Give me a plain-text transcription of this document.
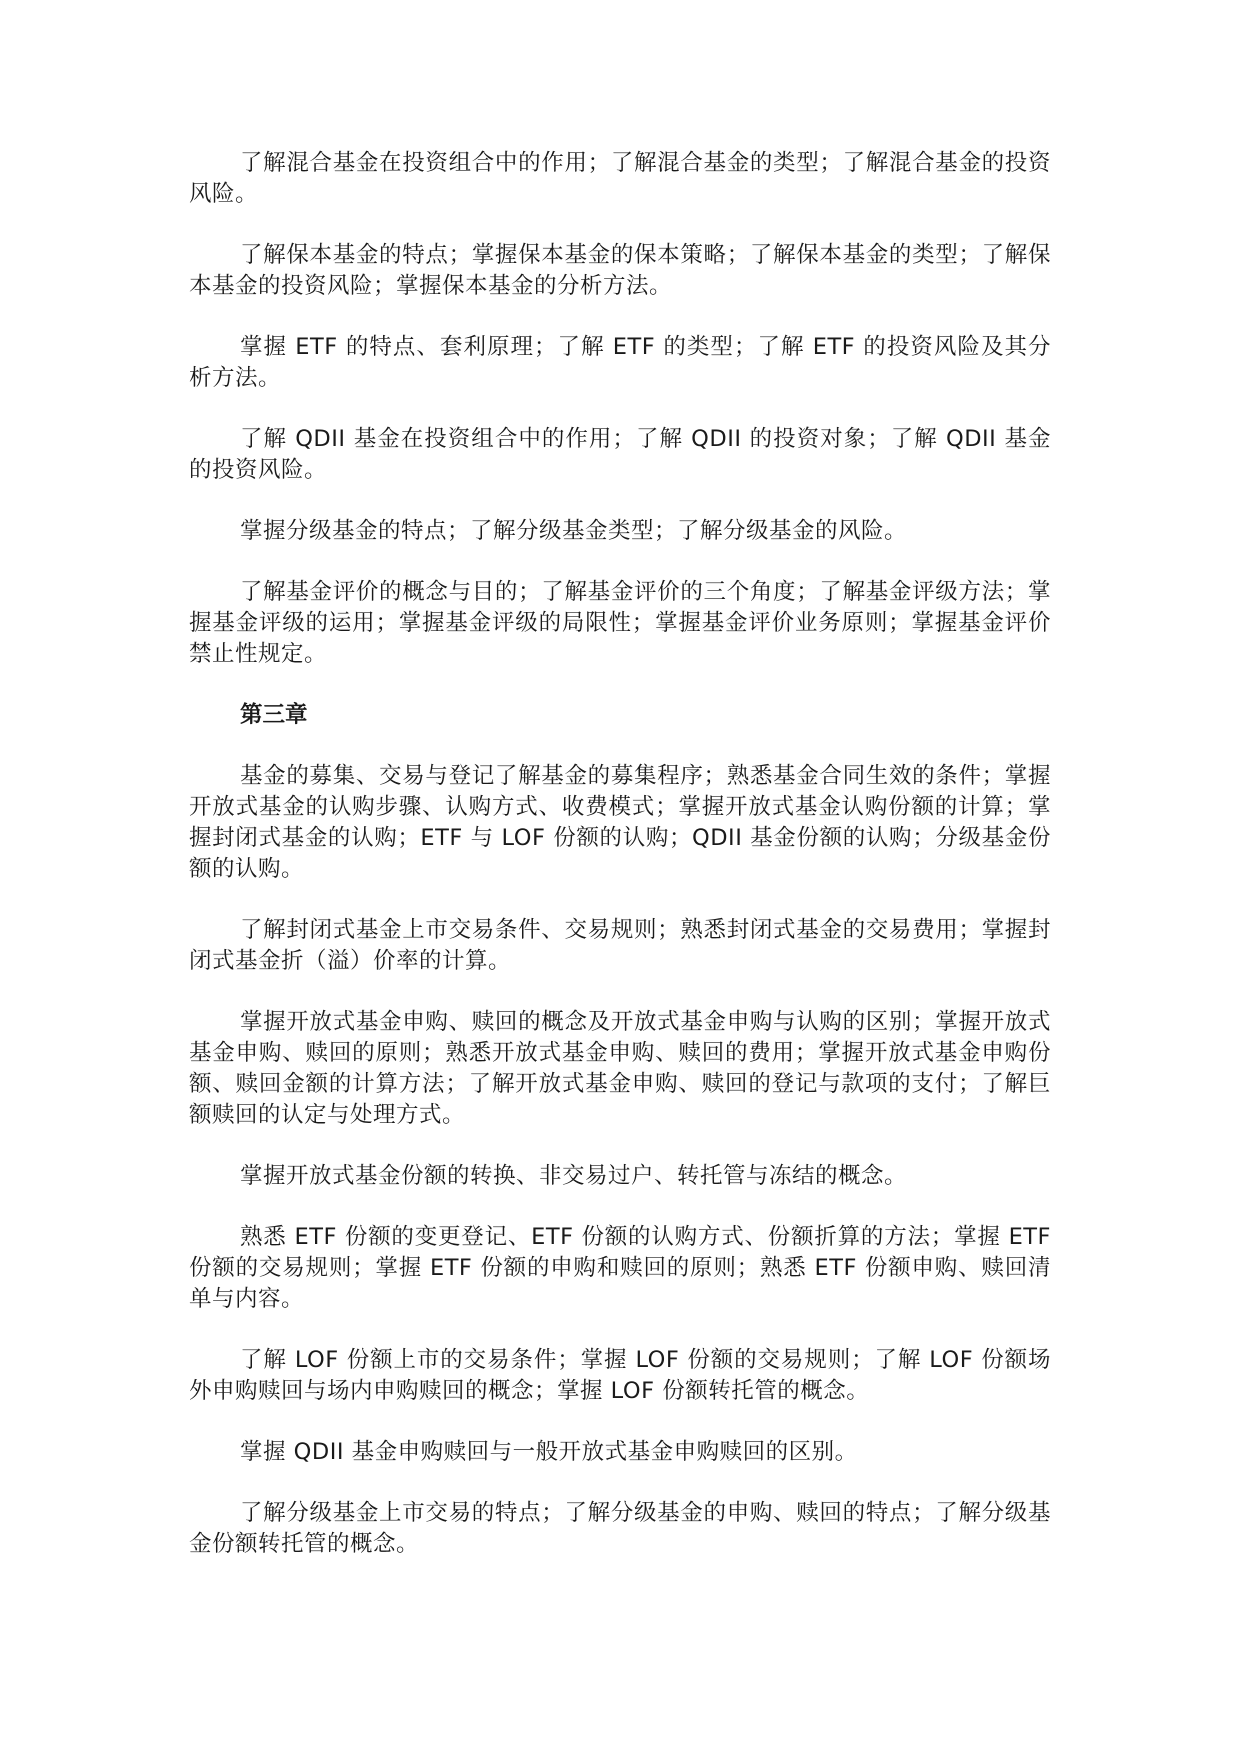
了解混合基金在投资组合中的作用；了解混合基金的类型；了解混合基金的投资风险。

了解保本基金的特点；掌握保本基金的保本策略；了解保本基金的类型；了解保本基金的投资风险；掌握保本基金的分析方法。

掌握 ETF 的特点、套利原理；了解 ETF 的类型；了解 ETF 的投资风险及其分析方法。

了解 QDII 基金在投资组合中的作用；了解 QDII 的投资对象；了解 QDII 基金的投资风险。

掌握分级基金的特点；了解分级基金类型；了解分级基金的风险。

了解基金评价的概念与目的；了解基金评价的三个角度；了解基金评级方法；掌握基金评级的运用；掌握基金评级的局限性；掌握基金评价业务原则；掌握基金评价禁止性规定。

第三章

基金的募集、交易与登记了解基金的募集程序；熟悉基金合同生效的条件；掌握开放式基金的认购步骤、认购方式、收费模式；掌握开放式基金认购份额的计算；掌握封闭式基金的认购；ETF 与 LOF 份额的认购；QDII 基金份额的认购；分级基金份额的认购。

了解封闭式基金上市交易条件、交易规则；熟悉封闭式基金的交易费用；掌握封闭式基金折（溢）价率的计算。

掌握开放式基金申购、赎回的概念及开放式基金申购与认购的区别；掌握开放式基金申购、赎回的原则；熟悉开放式基金申购、赎回的费用；掌握开放式基金申购份额、赎回金额的计算方法；了解开放式基金申购、赎回的登记与款项的支付；了解巨额赎回的认定与处理方式。

掌握开放式基金份额的转换、非交易过户、转托管与冻结的概念。

熟悉 ETF 份额的变更登记、ETF 份额的认购方式、份额折算的方法；掌握 ETF 份额的交易规则；掌握 ETF 份额的申购和赎回的原则；熟悉 ETF 份额申购、赎回清单与内容。

了解 LOF 份额上市的交易条件；掌握 LOF 份额的交易规则；了解 LOF 份额场外申购赎回与场内申购赎回的概念；掌握 LOF 份额转托管的概念。

掌握 QDII 基金申购赎回与一般开放式基金申购赎回的区别。

了解分级基金上市交易的特点；了解分级基金的申购、赎回的特点；了解分级基金份额转托管的概念。
